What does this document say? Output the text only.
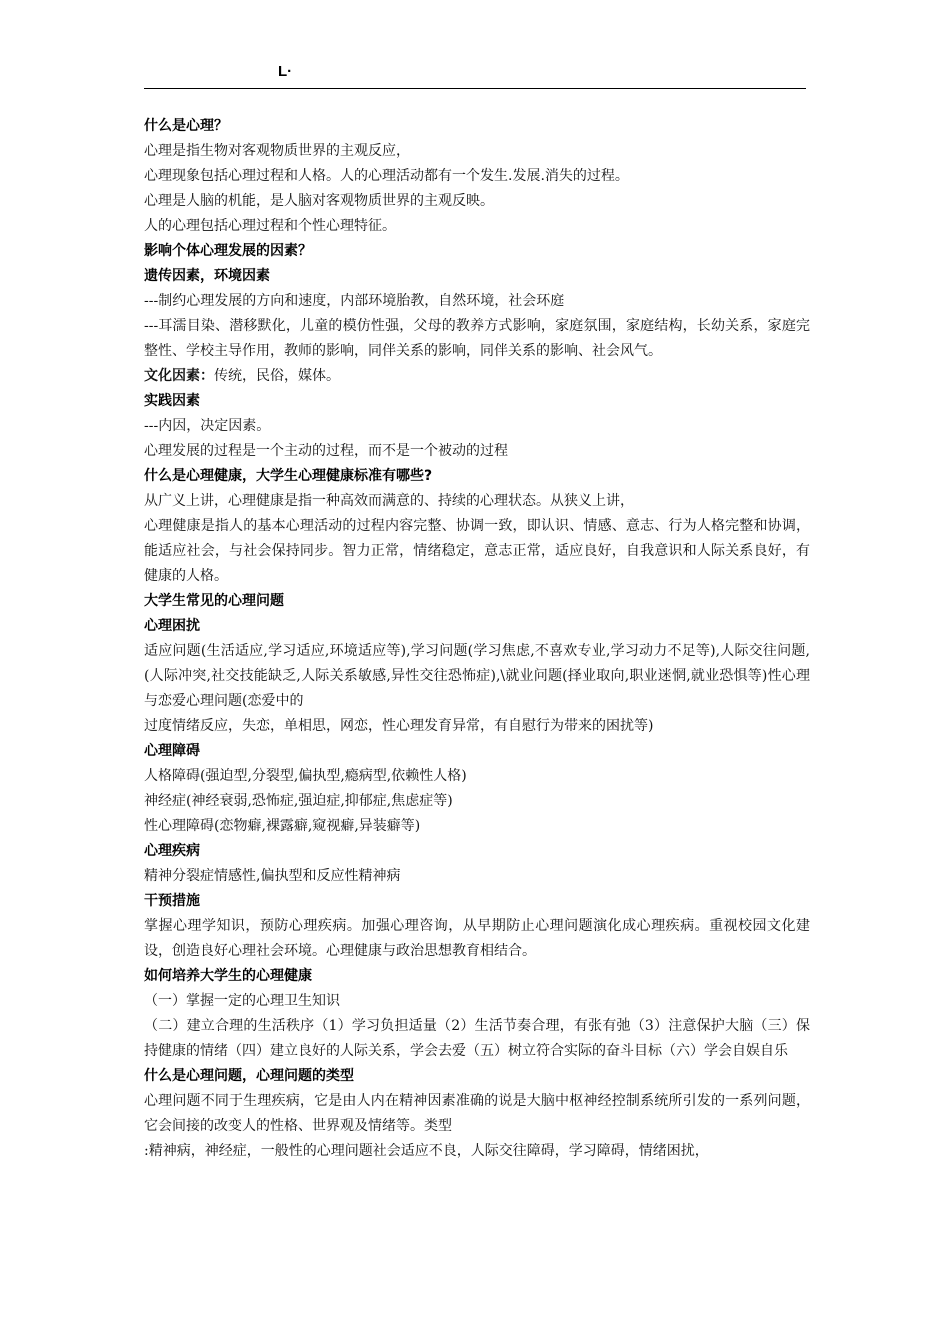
L·
什么是心理？

心理是指生物对客观物质世界的主观反应，

心理现象包括心理过程和人格。人的心理活动都有一个发生.发展.消失的过程。

心理是人脑的机能，是人脑对客观物质世界的主观反映。

人的心理包括心理过程和个性心理特征。

影响个体心理发展的因素？
遗传因素，环境因素

---制约心理发展的方向和速度，内部环境胎教，自然环境，社会环庭

---耳濡目染、潜移默化，儿童的模仿性强，父母的教养方式影响，家庭氛围，家庭结构，长幼关系，家庭完整性、学校主导作用，教师的影响，同伴关系的影响，同伴关系的影响、社会风气。

文化因素：传统，民俗，媒体。

实践因素

---内因，决定因素。

心理发展的过程是一个主动的过程，而不是一个被动的过程

什么是心理健康，大学生心理健康标准有哪些?

从广义上讲，心理健康是指一种高效而满意的、持续的心理状态。从狭义上讲，

心理健康是指人的基本心理活动的过程内容完整、协调一致，即认识、情感、意志、行为人格完整和协调，能适应社会，与社会保持同步。智力正常，情绪稳定，意志正常，适应良好，自我意识和人际关系良好，有健康的人格。

大学生常见的心理问题
心理困扰

适应问题(生活适应,学习适应,环境适应等),学习问题(学习焦虑,不喜欢专业,学习动力不足等),人际交往问题,(人际冲突,社交技能缺乏,人际关系敏感,异性交往恐怖症),\就业问题(择业取向,职业迷惘,就业恐惧等)性心理与恋爱心理问题(恋爱中的

过度情绪反应，失恋，单相思，网恋，性心理发育异常，有自慰行为带来的困扰等)

心理障碍

人格障碍(强迫型,分裂型,偏执型,瘾病型,依赖性人格)

神经症(神经衰弱,恐怖症,强迫症,抑郁症,焦虑症等)

性心理障碍(恋物癖,裸露癖,窥视癖,异装癖等)

心理疾病

精神分裂症情感性,偏执型和反应性精神病

干预措施

掌握心理学知识，预防心理疾病。加强心理咨询，从早期防止心理问题演化成心理疾病。重视校园文化建设，创造良好心理社会环境。心理健康与政治思想教育相结合。

如何培养大学生的心理健康

（一）掌握一定的心理卫生知识

（二）建立合理的生活秩序（1）学习负担适量（2）生活节奏合理，有张有弛（3）注意保护大脑（三）保持健康的情绪（四）建立良好的人际关系，学会去爱（五）树立符合实际的奋斗目标（六）学会自娱自乐

什么是心理问题，心理问题的类型

心理问题不同于生理疾病，它是由人内在精神因素准确的说是大脑中枢神经控制系统所引发的一系列问题，它会间接的改变人的性格、世界观及情绪等。类型

:精神病，神经症，一般性的心理问题社会适应不良，人际交往障碍，学习障碍，情绪困扰，
